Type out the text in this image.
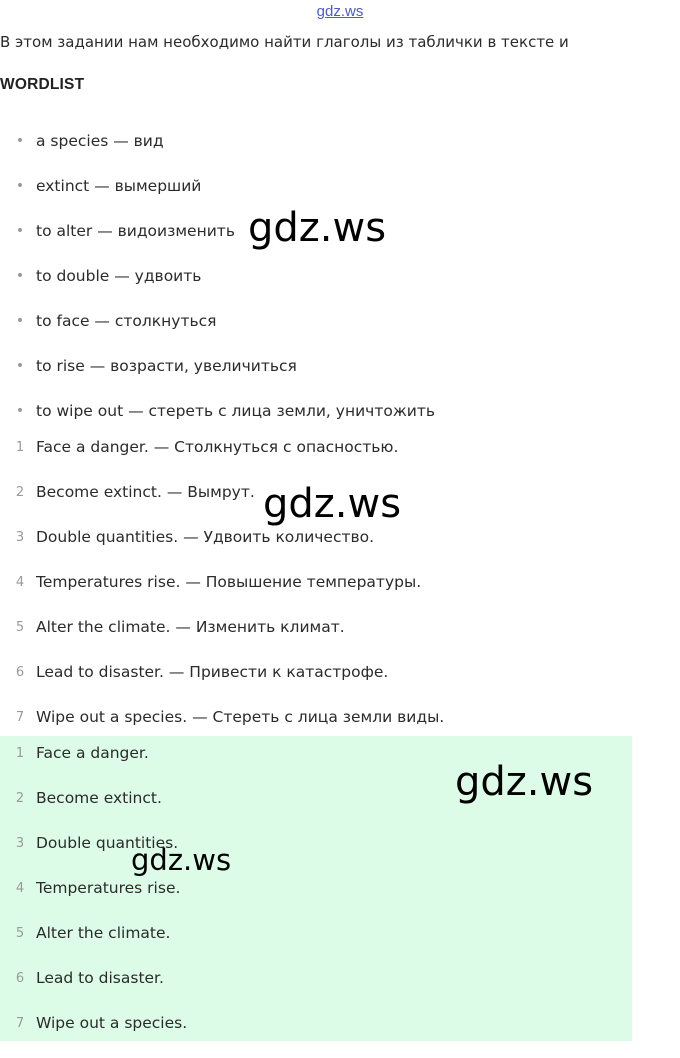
gdz.ws
В этом задании нам необходимо найти глаголы из таблички в тексте и
WORDLIST
• a species — вид
• extinct — вымерший
• to alter — видоизменить
• to double — удвоить
• to face — столкнуться
• to rise — возрасти, увеличиться
• to wipe out — стереть с лица земли, уничтожить
1 Face a danger. — Столкнуться с опасностью.
2 Become extinct. — Вымрут.
3 Double quantities. — Удвоить количество.
4 Temperatures rise. — Повышение температуры.
5 Alter the climate. — Изменить климат.
6 Lead to disaster. — Привести к катастрофе.
7 Wipe out a species. — Стереть с лица земли виды.
1 Face a danger.
2 Become extinct.
3 Double quantities.
4 Temperatures rise.
5 Alter the climate.
6 Lead to disaster.
7 Wipe out a species.
gdz.ws
gdz.ws
gdz.ws
gdz.ws
